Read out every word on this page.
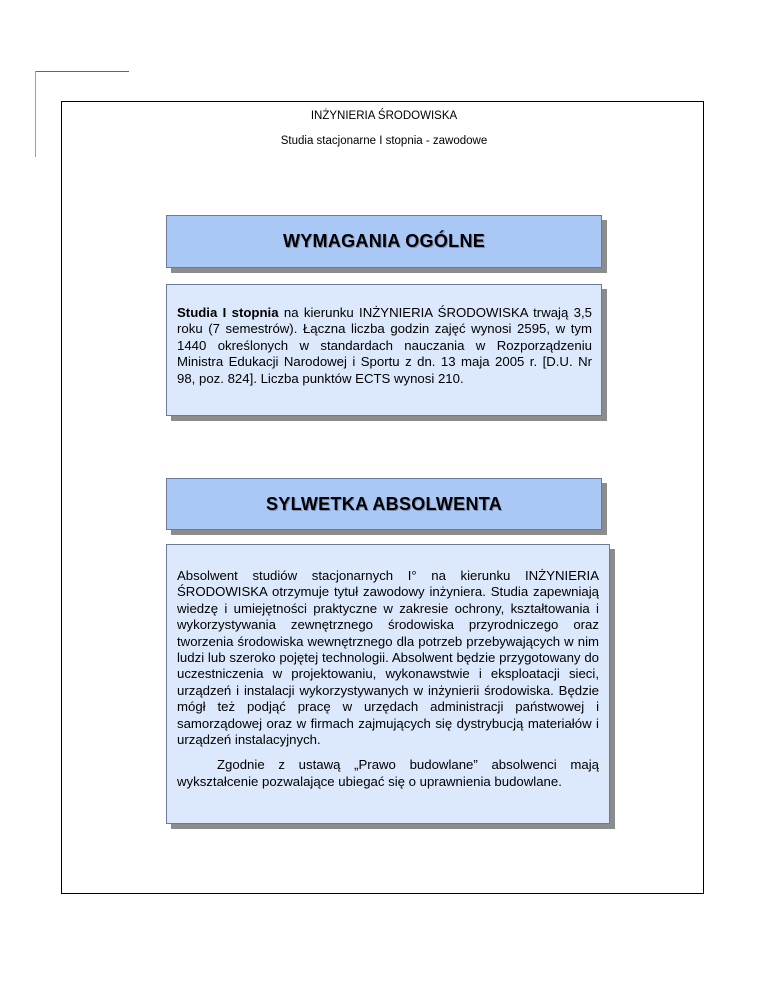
INŻYNIERIA ŚRODOWISKA
Studia stacjonarne I stopnia - zawodowe
WYMAGANIA OGÓLNE

Studia I stopnia na kierunku INŻYNIERIA ŚRODOWISKA trwają 3,5 roku (7 semestrów). Łączna liczba godzin zajęć wynosi 2595, w tym 1440 określonych w standardach nauczania w Rozporządzeniu Ministra Edukacji Narodowej i Sportu z dn. 13 maja 2005 r. [D.U. Nr 98, poz. 824]. Liczba punktów ECTS wynosi 210.

SYLWETKA ABSOLWENTA

Absolwent studiów stacjonarnych I° na kierunku INŻYNIERIA ŚRODOWISKA otrzymuje tytuł zawodowy inżyniera. Studia zapewniają wiedzę i umiejętności praktyczne w zakresie ochrony, kształtowania i wykorzystywania zewnętrznego środowiska przyrodniczego oraz tworzenia środowiska wewnętrznego dla potrzeb przebywających w nim ludzi lub szeroko pojętej technologii. Absolwent będzie przygotowany do uczestniczenia w projektowaniu, wykonawstwie i eksploatacji sieci, urządzeń i instalacji wykorzystywanych w inżynierii środowiska. Będzie mógł też podjąć pracę w urzędach administracji państwowej i samorządowej oraz w firmach zajmujących się dystrybucją materiałów i urządzeń instalacyjnych.

Zgodnie z ustawą „Prawo budowlane” absolwenci mają wykształcenie pozwalające ubiegać się o uprawnienia budowlane.
